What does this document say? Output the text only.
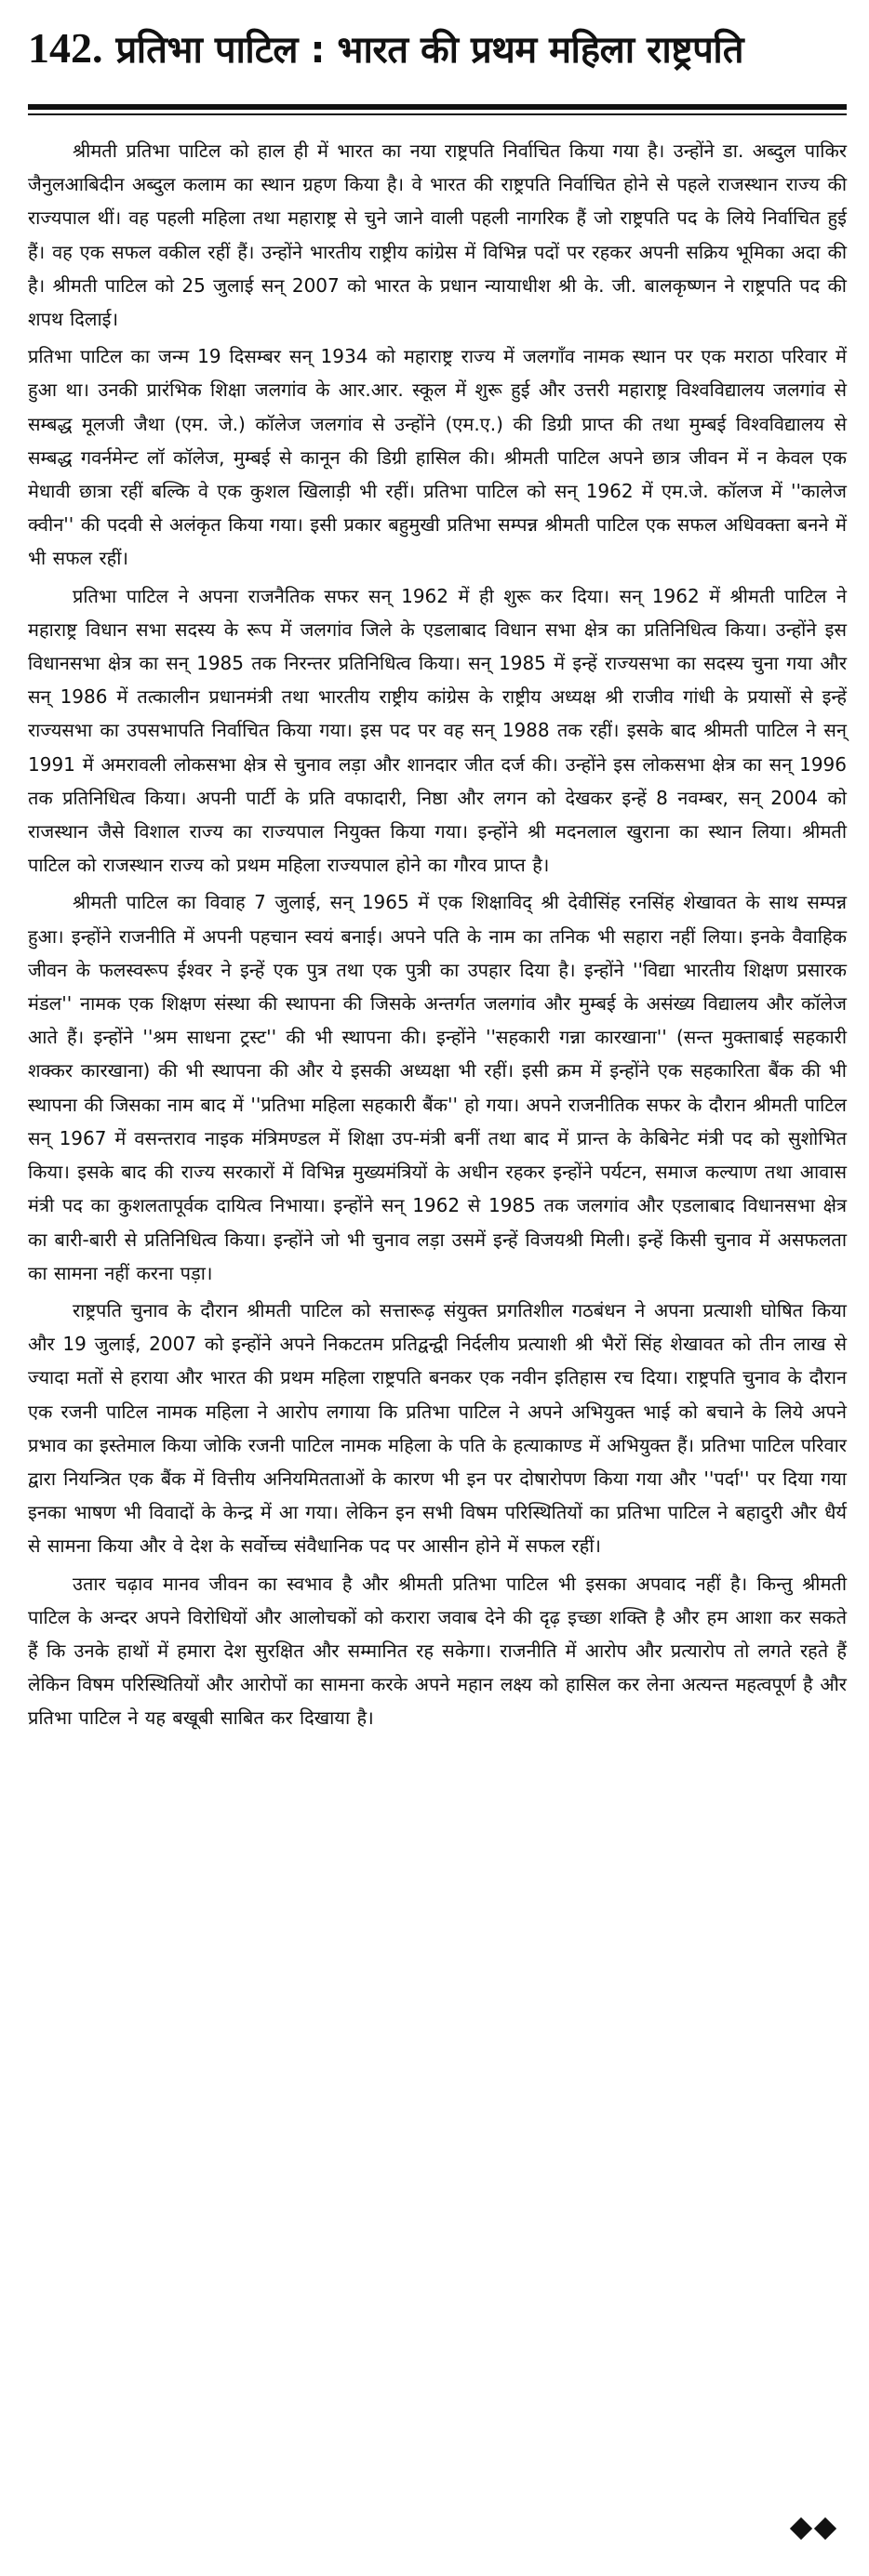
142. प्रतिभा पाटिल : भारत की प्रथम महिला राष्ट्रपति

श्रीमती प्रतिभा पाटिल को हाल ही में भारत का नया राष्ट्रपति निर्वाचित किया गया है। उन्होंने डा. अब्दुल पाकिर जैनुलआबिदीन अब्दुल कलाम का स्थान ग्रहण किया है। वे भारत की राष्ट्रपति निर्वाचित होने से पहले राजस्थान राज्य की राज्यपाल थीं। वह पहली महिला तथा महाराष्ट्र से चुने जाने वाली पहली नागरिक हैं जो राष्ट्रपति पद के लिये निर्वाचित हुई हैं। वह एक सफल वकील रहीं हैं। उन्होंने भारतीय राष्ट्रीय कांग्रेस में विभिन्न पदों पर रहकर अपनी सक्रिय भूमिका अदा की है। श्रीमती पाटिल को 25 जुलाई सन् 2007 को भारत के प्रधान न्यायाधीश श्री के. जी. बालकृष्णन ने राष्ट्रपति पद की शपथ दिलाई।

प्रतिभा पाटिल का जन्म 19 दिसम्बर सन् 1934 को महाराष्ट्र राज्य में जलगाँव नामक स्थान पर एक मराठा परिवार में हुआ था। उनकी प्रारंभिक शिक्षा जलगांव के आर.आर. स्कूल में शुरू हुई और उत्तरी महाराष्ट्र विश्वविद्यालय जलगांव से सम्बद्ध मूलजी जैथा (एम. जे.) कॉलेज जलगांव से उन्होंने (एम.ए.) की डिग्री प्राप्त की तथा मुम्बई विश्वविद्यालय से सम्बद्ध गवर्नमेन्ट लॉ कॉलेज, मुम्बई से कानून की डिग्री हासिल की। श्रीमती पाटिल अपने छात्र जीवन में न केवल एक मेधावी छात्रा रहीं बल्कि वे एक कुशल खिलाड़ी भी रहीं। प्रतिभा पाटिल को सन् 1962 में एम.जे. कॉलज में ''कालेज क्वीन'' की पदवी से अलंकृत किया गया। इसी प्रकार बहुमुखी प्रतिभा सम्पन्न श्रीमती पाटिल एक सफल अधिवक्ता बनने में भी सफल रहीं।

प्रतिभा पाटिल ने अपना राजनैतिक सफर सन् 1962 में ही शुरू कर दिया। सन् 1962 में श्रीमती पाटिल ने महाराष्ट्र विधान सभा सदस्य के रूप में जलगांव जिले के एडलाबाद विधान सभा क्षेत्र का प्रतिनिधित्व किया। उन्होंने इस विधानसभा क्षेत्र का सन् 1985 तक निरन्तर प्रतिनिधित्व किया। सन् 1985 में इन्हें राज्यसभा का सदस्य चुना गया और सन् 1986 में तत्कालीन प्रधानमंत्री तथा भारतीय राष्ट्रीय कांग्रेस के राष्ट्रीय अध्यक्ष श्री राजीव गांधी के प्रयासों से इन्हें राज्यसभा का उपसभापति निर्वाचित किया गया। इस पद पर वह सन् 1988 तक रहीं। इसके बाद श्रीमती पाटिल ने सन् 1991 में अमरावली लोकसभा क्षेत्र से चुनाव लड़ा और शानदार जीत दर्ज की। उन्होंने इस लोकसभा क्षेत्र का सन् 1996 तक प्रतिनिधित्व किया। अपनी पार्टी के प्रति वफादारी, निष्ठा और लगन को देखकर इन्हें 8 नवम्बर, सन् 2004 को राजस्थान जैसे विशाल राज्य का राज्यपाल नियुक्त किया गया। इन्होंने श्री मदनलाल खुराना का स्थान लिया। श्रीमती पाटिल को राजस्थान राज्य को प्रथम महिला राज्यपाल होने का गौरव प्राप्त है।

श्रीमती पाटिल का विवाह 7 जुलाई, सन् 1965 में एक शिक्षाविद् श्री देवीसिंह रनसिंह शेखावत के साथ सम्पन्न हुआ। इन्होंने राजनीति में अपनी पहचान स्वयं बनाई। अपने पति के नाम का तनिक भी सहारा नहीं लिया। इनके वैवाहिक जीवन के फलस्वरूप ईश्वर ने इन्हें एक पुत्र तथा एक पुत्री का उपहार दिया है। इन्होंने ''विद्या भारतीय शिक्षण प्रसारक मंडल'' नामक एक शिक्षण संस्था की स्थापना की जिसके अन्तर्गत जलगांव और मुम्बई के असंख्य विद्यालय और कॉलेज आते हैं। इन्होंने ''श्रम साधना ट्रस्ट'' की भी स्थापना की। इन्होंने ''सहकारी गन्ना कारखाना'' (सन्त मुक्ताबाई सहकारी शक्कर कारखाना) की भी स्थापना की और ये इसकी अध्यक्षा भी रहीं। इसी क्रम में इन्होंने एक सहकारिता बैंक की भी स्थापना की जिसका नाम बाद में ''प्रतिभा महिला सहकारी बैंक'' हो गया। अपने राजनीतिक सफर के दौरान श्रीमती पाटिल सन् 1967 में वसन्तराव नाइक मंत्रिमण्डल में शिक्षा उप-मंत्री बनीं तथा बाद में प्रान्त के केबिनेट मंत्री पद को सुशोभित किया। इसके बाद की राज्य सरकारों में विभिन्न मुख्यमंत्रियों के अधीन रहकर इन्होंने पर्यटन, समाज कल्याण तथा आवास मंत्री पद का कुशलतापूर्वक दायित्व निभाया। इन्होंने सन् 1962 से 1985 तक जलगांव और एडलाबाद विधानसभा क्षेत्र का बारी-बारी से प्रतिनिधित्व किया। इन्होंने जो भी चुनाव लड़ा उसमें इन्हें विजयश्री मिली। इन्हें किसी चुनाव में असफलता का सामना नहीं करना पड़ा।

राष्ट्रपति चुनाव के दौरान श्रीमती पाटिल को सत्तारूढ़ संयुक्त प्रगतिशील गठबंधन ने अपना प्रत्याशी घोषित किया और 19 जुलाई, 2007 को इन्होंने अपने निकटतम प्रतिद्वन्द्वी निर्दलीय प्रत्याशी श्री भैरों सिंह शेखावत को तीन लाख से ज्यादा मतों से हराया और भारत की प्रथम महिला राष्ट्रपति बनकर एक नवीन इतिहास रच दिया। राष्ट्रपति चुनाव के दौरान एक रजनी पाटिल नामक महिला ने आरोप लगाया कि प्रतिभा पाटिल ने अपने अभियुक्त भाई को बचाने के लिये अपने प्रभाव का इस्तेमाल किया जोकि रजनी पाटिल नामक महिला के पति के हत्याकाण्ड में अभियुक्त हैं। प्रतिभा पाटिल परिवार द्वारा नियन्त्रित एक बैंक में वित्तीय अनियमितताओं के कारण भी इन पर दोषारोपण किया गया और ''पर्दा'' पर दिया गया इनका भाषण भी विवादों के केन्द्र में आ गया। लेकिन इन सभी विषम परिस्थितियों का प्रतिभा पाटिल ने बहादुरी और धैर्य से सामना किया और वे देश के सर्वोच्च संवैधानिक पद पर आसीन होने में सफल रहीं।

उतार चढ़ाव मानव जीवन का स्वभाव है और श्रीमती प्रतिभा पाटिल भी इसका अपवाद नहीं है। किन्तु श्रीमती पाटिल के अन्दर अपने विरोधियों और आलोचकों को करारा जवाब देने की दृढ़ इच्छा शक्ति है और हम आशा कर सकते हैं कि उनके हाथों में हमारा देश सुरक्षित और सम्मानित रह सकेगा। राजनीति में आरोप और प्रत्यारोप तो लगते रहते हैं लेकिन विषम परिस्थितियों और आरोपों का सामना करके अपने महान लक्ष्य को हासिल कर लेना अत्यन्त महत्वपूर्ण है और प्रतिभा पाटिल ने यह बखूबी साबित कर दिखाया है।
